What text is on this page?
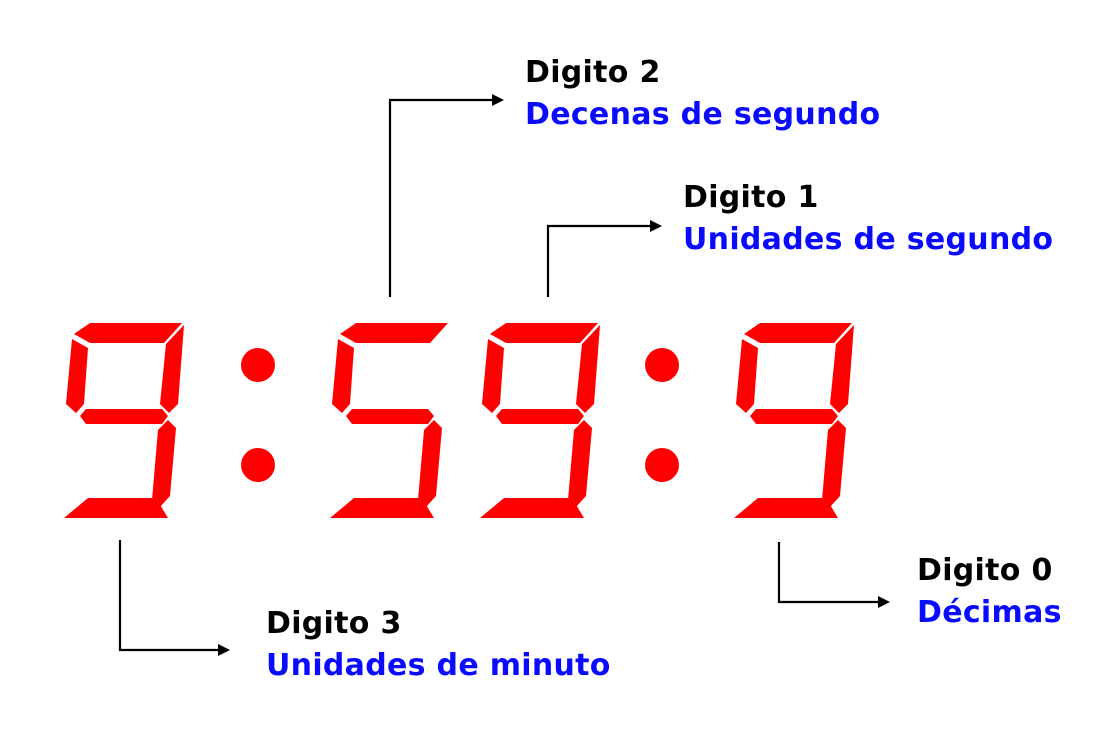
Digito 2
Decenas de segundo
Digito 1
Unidades de segundo
Digito 0
Décimas
Digito 3
Unidades de minuto
